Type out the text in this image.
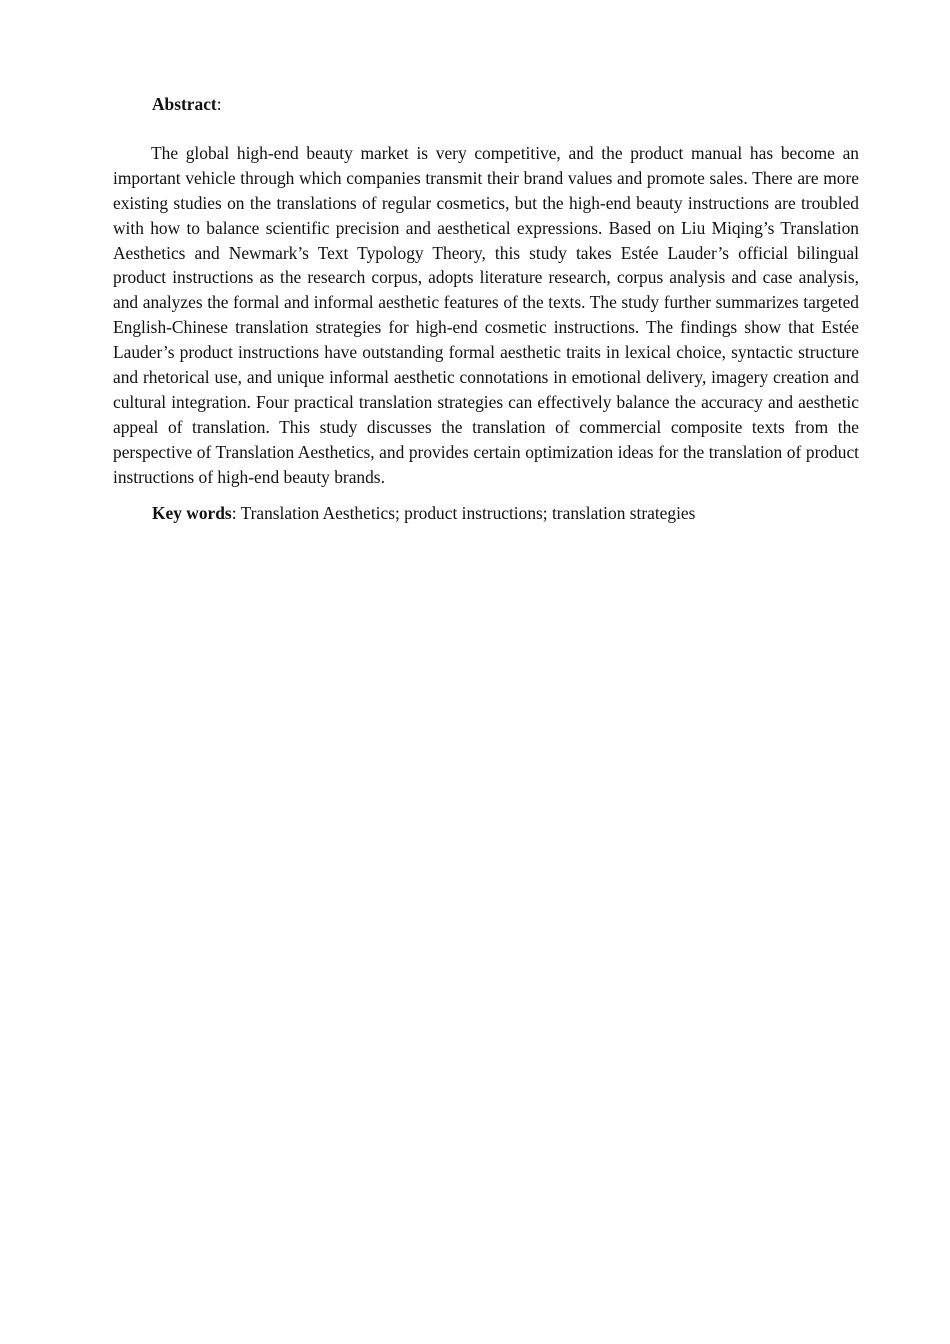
Abstract:

The global high-end beauty market is very competitive, and the product manual has become an important vehicle through which companies transmit their brand values and promote sales. There are more existing studies on the translations of regular cosmetics, but the high-end beauty instructions are troubled with how to balance scientific precision and aesthetical expressions. Based on Liu Miqing’s Translation Aesthetics and Newmark’s Text Typology Theory, this study takes Estée Lauder’s official bilingual product instructions as the research corpus, adopts literature research, corpus analysis and case analysis, and analyzes the formal and informal aesthetic features of the texts. The study further summarizes targeted English-Chinese translation strategies for high-end cosmetic instructions. The findings show that Estée Lauder’s product instructions have outstanding formal aesthetic traits in lexical choice, syntactic structure and rhetorical use, and unique informal aesthetic connotations in emotional delivery, imagery creation and cultural integration. Four practical translation strategies can effectively balance the accuracy and aesthetic appeal of translation. This study discusses the translation of commercial composite texts from the perspective of Translation Aesthetics, and provides certain optimization ideas for the translation of product instructions of high-end beauty brands.

Key words: Translation Aesthetics; product instructions; translation strategies
